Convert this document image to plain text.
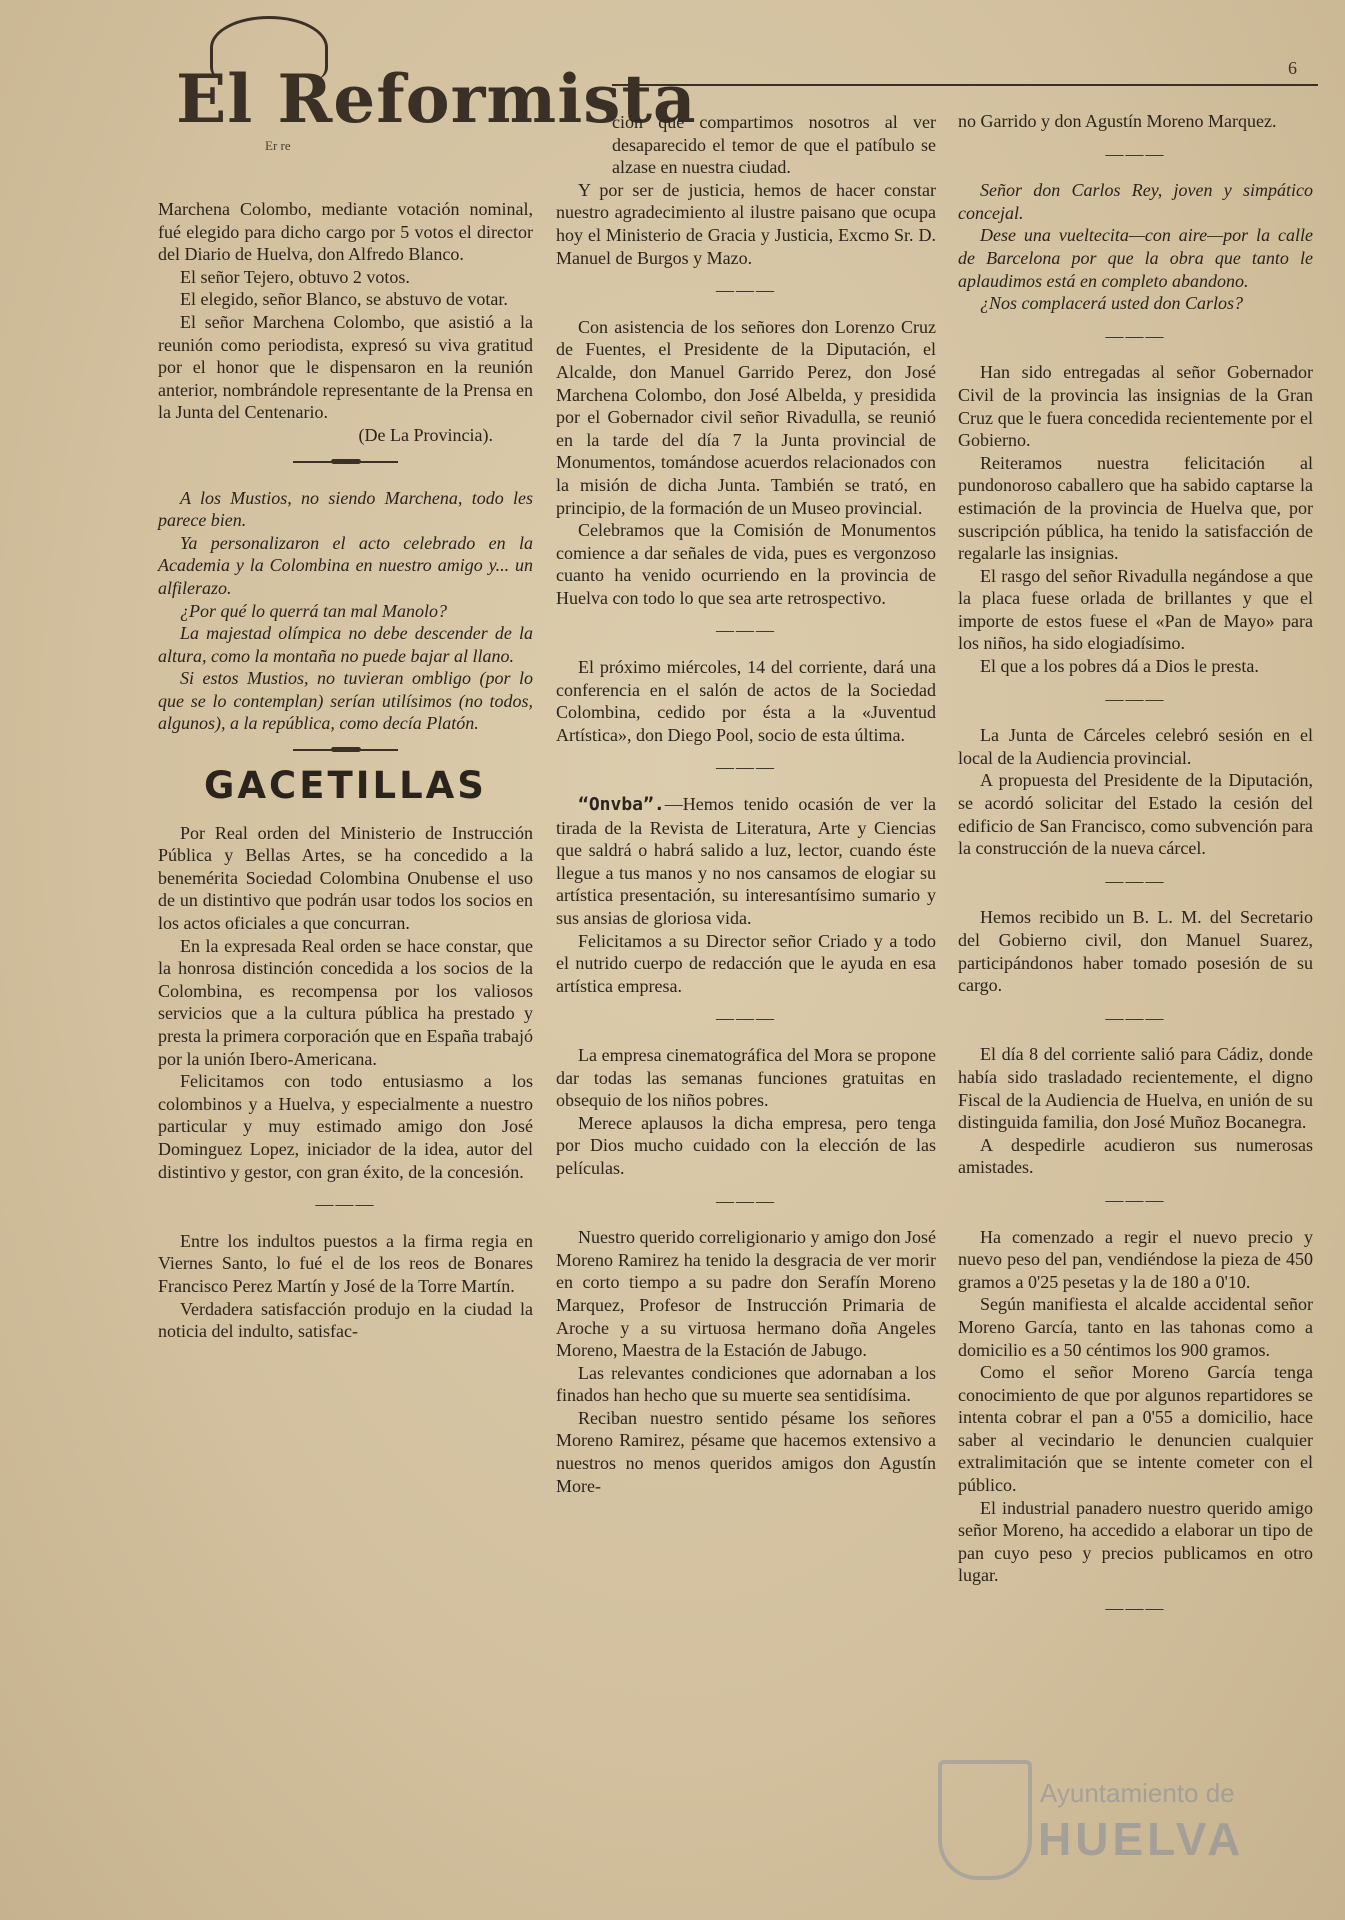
El Reformista
Er re
6

Marchena Colombo, mediante votación nominal, fué elegido para dicho cargo por 5 votos el director del Diario de Huelva, don Alfredo Blanco.

El señor Tejero, obtuvo 2 votos.

El elegido, señor Blanco, se abstuvo de votar.

El señor Marchena Colombo, que asistió a la reunión como periodista, expresó su viva gratitud por el honor que le dispensaron en la reunión anterior, nombrándole representante de la Prensa en la Junta del Centenario.

(De La Provincia).

A los Mustios, no siendo Marchena, todo les parece bien.

Ya personalizaron el acto celebrado en la Academia y la Colombina en nuestro amigo y... un alfilerazo.

¿Por qué lo querrá tan mal Manolo?

La majestad olímpica no debe descender de la altura, como la montaña no puede bajar al llano.

Si estos Mustios, no tuvieran ombligo (por lo que se lo contemplan) serían utilísimos (no todos, algunos), a la república, como decía Platón.

GACETILLAS

Por Real orden del Ministerio de Instrucción Pública y Bellas Artes, se ha concedido a la benemérita Sociedad Colombina Onubense el uso de un distintivo que podrán usar todos los socios en los actos oficiales a que concurran.

En la expresada Real orden se hace constar, que la honrosa distinción concedida a los socios de la Colombina, es recompensa por los valiosos servicios que a la cultura pública ha prestado y presta la primera corporación que en España trabajó por la unión Ibero-Americana.

Felicitamos con todo entusiasmo a los colombinos y a Huelva, y especialmente a nuestro particular y muy estimado amigo don José Dominguez Lopez, iniciador de la idea, autor del distintivo y gestor, con gran éxito, de la concesión.

———

Entre los indultos puestos a la firma regia en Viernes Santo, lo fué el de los reos de Bonares Francisco Perez Martín y José de la Torre Martín.

Verdadera satisfacción produjo en la ciudad la noticia del indulto, satisfac-

ción que compartimos nosotros al ver desaparecido el temor de que el patíbulo se alzase en nuestra ciudad.

Y por ser de justicia, hemos de hacer constar nuestro agradecimiento al ilustre paisano que ocupa hoy el Ministerio de Gracia y Justicia, Excmo Sr. D. Manuel de Burgos y Mazo.

———

Con asistencia de los señores don Lorenzo Cruz de Fuentes, el Presidente de la Diputación, el Alcalde, don Manuel Garrido Perez, don José Marchena Colombo, don José Albelda, y presidida por el Gobernador civil señor Rivadulla, se reunió en la tarde del día 7 la Junta provincial de Monumentos, tomándose acuerdos relacionados con la misión de dicha Junta. También se trató, en principio, de la formación de un Museo provincial.

Celebramos que la Comisión de Monumentos comience a dar señales de vida, pues es vergonzoso cuanto ha venido ocurriendo en la provincia de Huelva con todo lo que sea arte retrospectivo.

———

El próximo miércoles, 14 del corriente, dará una conferencia en el salón de actos de la Sociedad Colombina, cedido por ésta a la «Juventud Artística», don Diego Pool, socio de esta última.

———

“Onvba”.—Hemos tenido ocasión de ver la tirada de la Revista de Literatura, Arte y Ciencias que saldrá o habrá salido a luz, lector, cuando éste llegue a tus manos y no nos cansamos de elogiar su artística presentación, su interesantísimo sumario y sus ansias de gloriosa vida.

Felicitamos a su Director señor Criado y a todo el nutrido cuerpo de redacción que le ayuda en esa artística empresa.

———

La empresa cinematográfica del Mora se propone dar todas las semanas funciones gratuitas en obsequio de los niños pobres.

Merece aplausos la dicha empresa, pero tenga por Dios mucho cuidado con la elección de las películas.

———

Nuestro querido correligionario y amigo don José Moreno Ramirez ha tenido la desgracia de ver morir en corto tiempo a su padre don Serafín Moreno Marquez, Profesor de Instrucción Primaria de Aroche y a su virtuosa hermano doña Angeles Moreno, Maestra de la Estación de Jabugo.

Las relevantes condiciones que adornaban a los finados han hecho que su muerte sea sentidísima.

Reciban nuestro sentido pésame los señores Moreno Ramirez, pésame que hacemos extensivo a nuestros no menos queridos amigos don Agustín More-

no Garrido y don Agustín Moreno Marquez.

———

Señor don Carlos Rey, joven y simpático concejal.

Dese una vueltecita—con aire—por la calle de Barcelona por que la obra que tanto le aplaudimos está en completo abandono.

¿Nos complacerá usted don Carlos?

———

Han sido entregadas al señor Gobernador Civil de la provincia las insignias de la Gran Cruz que le fuera concedida recientemente por el Gobierno.

Reiteramos nuestra felicitación al pundonoroso caballero que ha sabido captarse la estimación de la provincia de Huelva que, por suscripción pública, ha tenido la satisfacción de regalarle las insignias.

El rasgo del señor Rivadulla negándose a que la placa fuese orlada de brillantes y que el importe de estos fuese el «Pan de Mayo» para los niños, ha sido elogiadísimo.

El que a los pobres dá a Dios le presta.

———

La Junta de Cárceles celebró sesión en el local de la Audiencia provincial.

A propuesta del Presidente de la Diputación, se acordó solicitar del Estado la cesión del edificio de San Francisco, como subvención para la construcción de la nueva cárcel.

———

Hemos recibido un B. L. M. del Secretario del Gobierno civil, don Manuel Suarez, participándonos haber tomado posesión de su cargo.

———

El día 8 del corriente salió para Cádiz, donde había sido trasladado recientemente, el digno Fiscal de la Audiencia de Huelva, en unión de su distinguida familia, don José Muñoz Bocanegra.

A despedirle acudieron sus numerosas amistades.

———

Ha comenzado a regir el nuevo precio y nuevo peso del pan, vendiéndose la pieza de 450 gramos a 0'25 pesetas y la de 180 a 0'10.

Según manifiesta el alcalde accidental señor Moreno García, tanto en las tahonas como a domicilio es a 50 céntimos los 900 gramos.

Como el señor Moreno García tenga conocimiento de que por algunos repartidores se intenta cobrar el pan a 0'55 a domicilio, hace saber al vecindario le denuncien cualquier extralimitación que se intente cometer con el público.

El industrial panadero nuestro querido amigo señor Moreno, ha accedido a elaborar un tipo de pan cuyo peso y precios publicamos en otro lugar.

———
Ayuntamiento de
HUELVA
